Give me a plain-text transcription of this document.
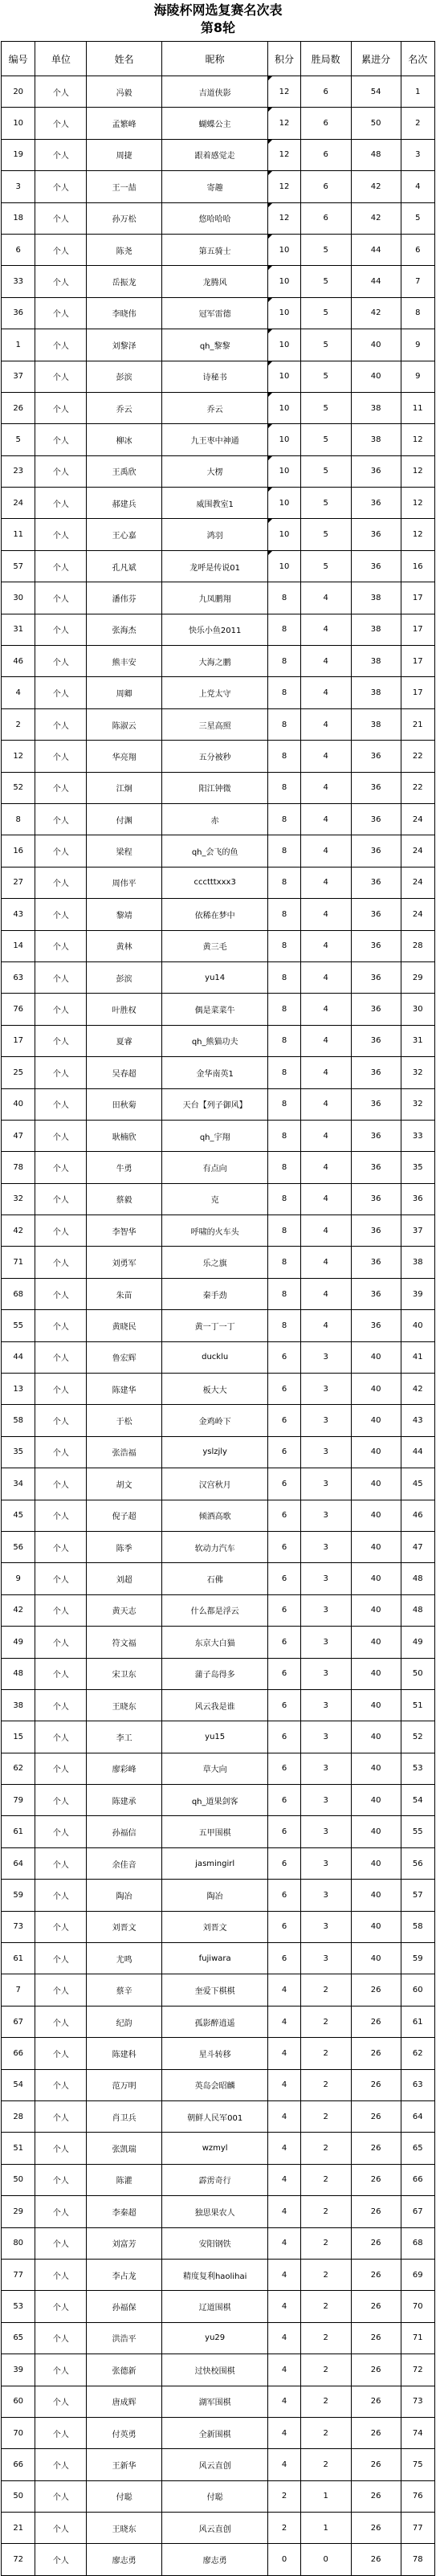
海陵杯网选复赛名次表
第8轮
编号	单位	姓名	昵称	积分	胜局数	累进分	名次
20	个人	冯毅	吉道侠影	12	6	54	1
10	个人	孟繁峰	蝴蝶公主	12	6	50	2
19	个人	周捷	跟着感觉走	12	6	48	3
3	个人	王一喆	寄趣	12	6	42	4
18	个人	孙万松	悠哈哈哈	12	6	42	5
6	个人	陈尧	第五骑士	10	5	44	6
33	个人	岳振龙	龙腾风	10	5	44	7
36	个人	李晓伟	冠军雷德	10	5	42	8
1	个人	刘黎泽	qh_黎黎	10	5	40	9
37	个人	彭滨	诗秘书	10	5	40	9
26	个人	乔云	乔云	10	5	38	11
5	个人	柳冰	九王枣中神通	10	5	38	12
23	个人	王禹欣	大楞	10	5	36	12
24	个人	郝建兵	威围教室1	10	5	36	12
11	个人	王心嘉	鸿羽	10	5	36	12
57	个人	孔凡斌	龙呼是传说01	10	5	36	16
30	个人	潘伟芬	九凤鹏翔	8	4	38	17
31	个人	张海杰	快乐小鱼2011	8	4	38	17
46	个人	熊丰安	大海之鹏	8	4	38	17
4	个人	周卿	上党太守	8	4	38	17
2	个人	陈淑云	三星高照	8	4	38	21
12	个人	华亮翔	五分被秒	8	4	36	22
52	个人	江炯	阳江钟微	8	4	36	22
8	个人	付渊	赤	8	4	36	24
16	个人	梁程	qh_会飞的鱼	8	4	36	24
27	个人	周伟平	ccctttxxx3	8	4	36	24
43	个人	黎靖	依稀在梦中	8	4	36	24
14	个人	黄林	黄三毛	8	4	36	28
63	个人	彭滨	yu14	8	4	36	29
76	个人	叶胜权	偶是菜菜牛	8	4	36	30
17	个人	夏睿	qh_熊猫功夫	8	4	36	31
25	个人	吴春超	金华南英1	8	4	36	32
40	个人	田秋菊	天台【列子御风】	8	4	36	32
47	个人	耿楠欣	qh_宇翔	8	4	36	33
78	个人	牛勇	有点向	8	4	36	35
32	个人	蔡毅	克	8	4	36	36
42	个人	李智华	呼啸的火车头	8	4	36	37
71	个人	刘勇军	乐之旗	8	4	36	38
68	个人	朱苗	秦手劲	8	4	36	39
55	个人	黄晓民	黄一丁一丁	8	4	36	40
44	个人	鲁宏辉	ducklu	6	3	40	41
13	个人	陈建华	板大大	6	3	40	42
58	个人	于松	金鸡岭下	6	3	40	43
35	个人	张浩福	yslzjly	6	3	40	44
34	个人	胡文	汉宫秋月	6	3	40	45
45	个人	倪子超	倾酒高歌	6	3	40	46
56	个人	陈季	软动力汽车	6	3	40	47
9	个人	刘超	石佛	6	3	40	48
42	个人	黄天志	什么都是浮云	6	3	40	48
49	个人	符文福	东京大白猫	6	3	40	49
48	个人	宋卫东	蒲子岛得多	6	3	40	50
38	个人	王晓东	风云我是谁	6	3	40	51
15	个人	李工	yu15	6	3	40	52
62	个人	廖彩峰	草大向	6	3	40	53
79	个人	陈建承	qh_道果剑客	6	3	40	54
61	个人	孙福信	五甲围棋	6	3	40	55
64	个人	余佳音	jasmingirl	6	3	40	56
59	个人	陶冶	陶冶	6	3	40	57
73	个人	刘晋文	刘晋文	6	3	40	58
61	个人	尤鸣	fujiwara	6	3	40	59
7	个人	蔡辛	奎爱下棋棋	4	2	26	60
67	个人	纪韵	孤影醉逍遥	4	2	26	61
66	个人	陈建科	星斗转移	4	2	26	62
54	个人	范万明	英岛会昭麟	4	2	26	63
28	个人	肖卫兵	朝鲜人民军001	4	2	26	64
51	个人	张凯瑞	wzmyl	4	2	26	65
50	个人	陈灌	霹雳奇行	4	2	26	66
29	个人	李秦超	独思果农人	4	2	26	67
80	个人	刘富芳	安阳钢铁	4	2	26	68
77	个人	李占龙	精度复利haolihai	4	2	26	69
53	个人	孙福保	辽道围棋	4	2	26	70
65	个人	洪浩平	yu29	4	2	26	71
39	个人	张德新	过快校围棋	4	2	26	72
60	个人	唐成辉	湖军围棋	4	2	26	73
70	个人	付英勇	全新围棋	4	2	26	74
66	个人	王新华	风云直创	4	2	26	75
50	个人	付聪	付聪	2	1	26	76
21	个人	王晓东	风云直创	2	1	26	77
72	个人	廖志勇	廖志勇	0	0	26	78
